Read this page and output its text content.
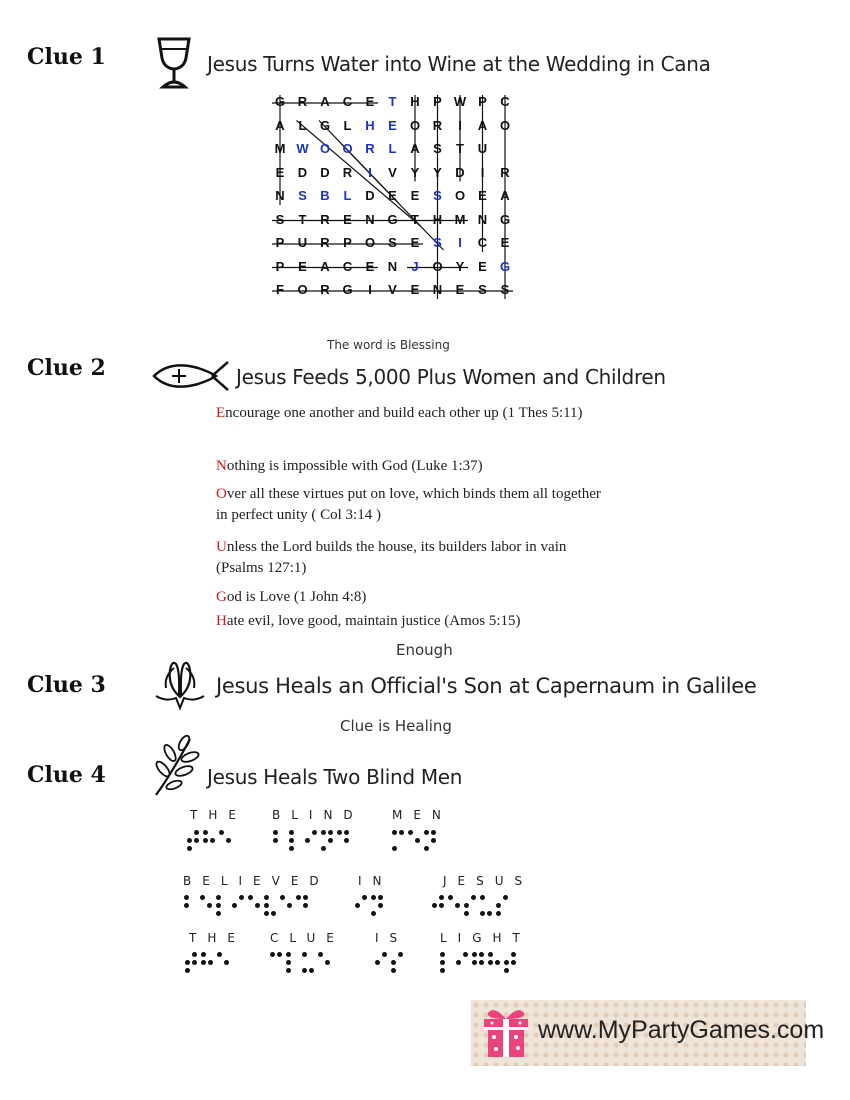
Clue 1	Jesus Turns Water into Wine at the Wedding in Cana
G R	A	C	E	T	H	P W P	C
A	L	G	L	H	E	O R	I	A O
M W O O R	L	A	S	T	U
E	D	D	R	I	V	Y	Y	D	I	R
N	S	B	L	D	E	E	S	O	E	A
S	T	R	E	N G	T	H M N G
P	U	R	P	O	S	E	S	I	C	E
P	E	A	C	E	N	J	O	Y	E	G
F	O R G	I	V	E	N	E	S	S
The word is Blessing
Clue 2	Jesus Feeds 5,000 Plus Women and Children
Encourage one another and build each other up (1 Thes 5:11)
Nothing is impossible with God (Luke 1:37)
Over all these virtues put on love, which binds them all together in perfect unity ( Col 3:14 )
Unless the Lord builds the house, its builders labor in vain (Psalms 127:1)
God is Love (1 John 4:8)
Hate evil, love good, maintain justice (Amos 5:15)
Enough
Clue 3	Jesus Heals an Official's Son at Capernaum in Galilee
Clue is Healing
Clue 4	Jesus Heals Two Blind Men
THE BLIND MEN
BELIEVED IN	JESUS
THE CLUE	IS	LIGHT
www.MyPartyGames.com
